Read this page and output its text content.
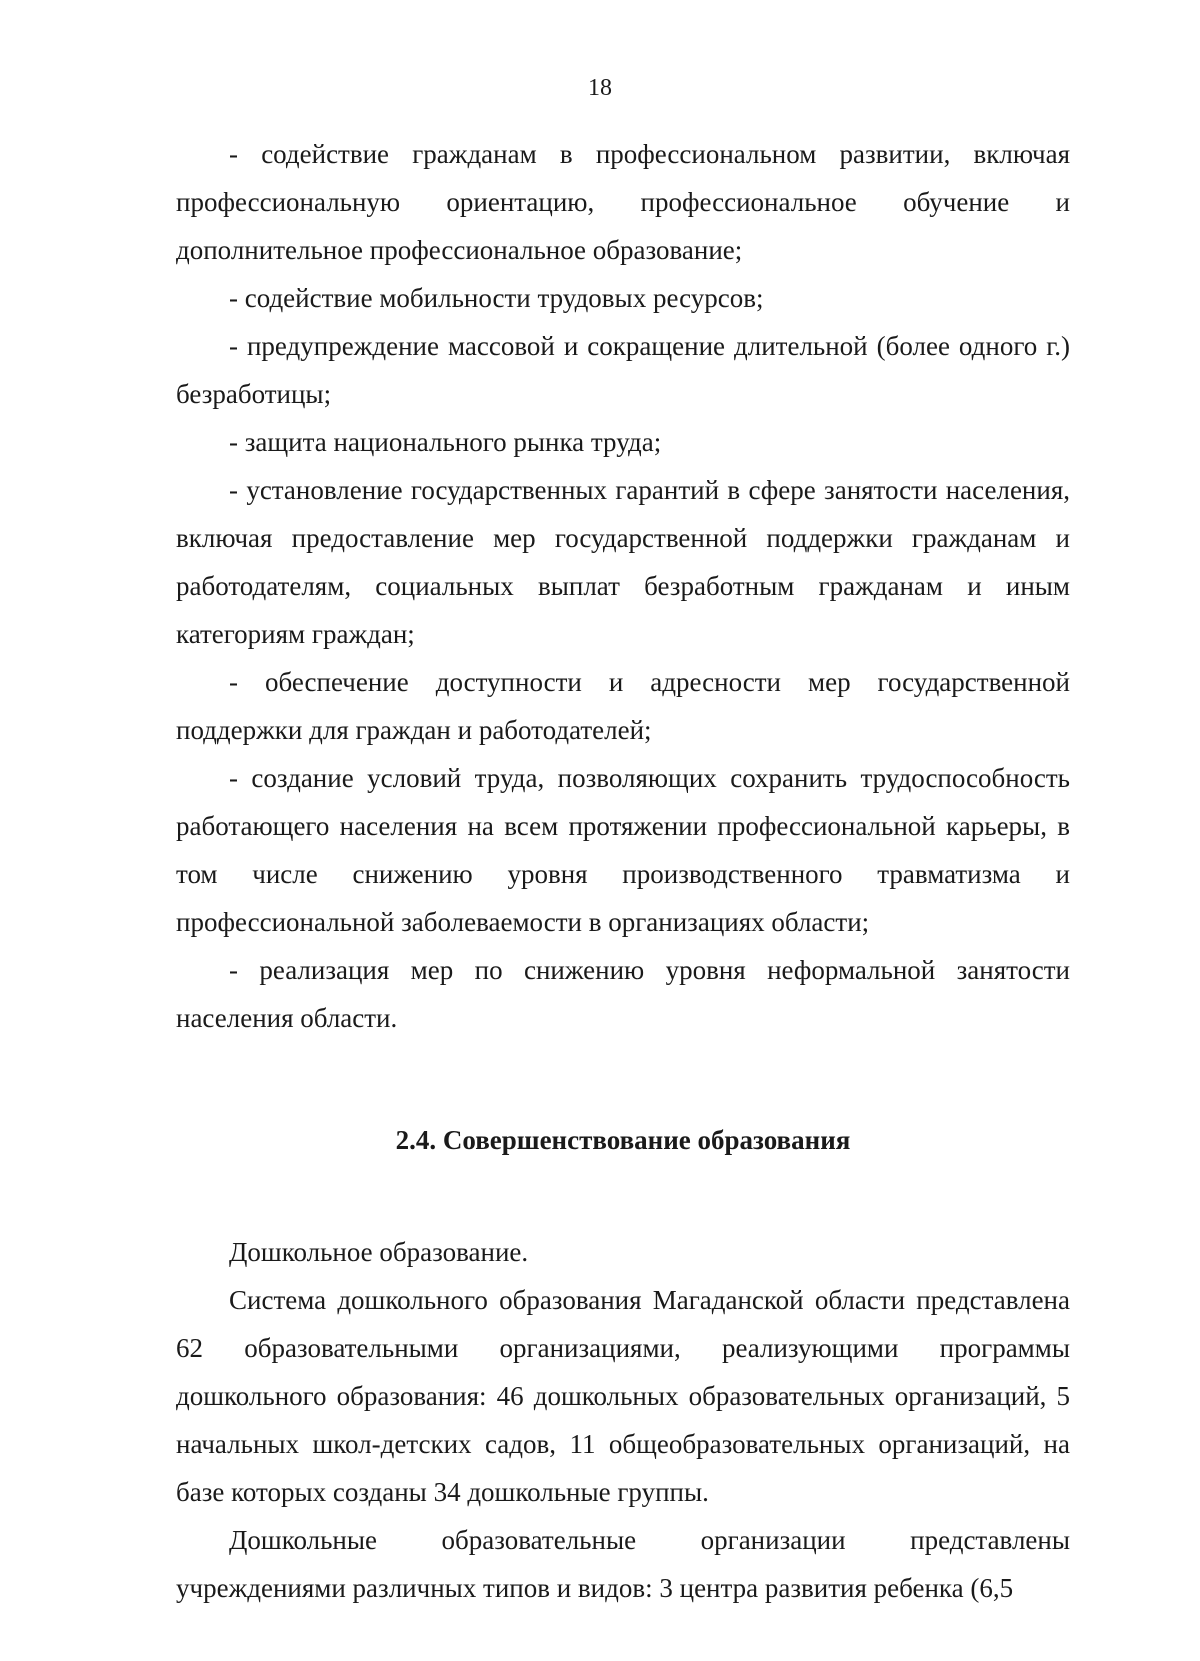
18

- содействие гражданам в профессиональном развитии, включая профессиональную ориентацию, профессиональное обучение и дополнительное профессиональное образование;

- содействие мобильности трудовых ресурсов;

- предупреждение массовой и сокращение длительной (более одного г.) безработицы;

- защита национального рынка труда;

- установление государственных гарантий в сфере занятости населения, включая предоставление мер государственной поддержки гражданам и работодателям, социальных выплат безработным гражданам и иным категориям граждан;

- обеспечение доступности и адресности мер государственной поддержки для граждан и работодателей;

- создание условий труда, позволяющих сохранить трудоспособность работающего населения на всем протяжении профессиональной карьеры, в том числе снижению уровня производственного травматизма и профессиональной заболеваемости в организациях области;

- реализация мер по снижению уровня неформальной занятости населения области.

2.4. Совершенствование образования

Дошкольное образование.

Система дошкольного образования Магаданской области представлена 62 образовательными организациями, реализующими программы дошкольного образования: 46 дошкольных образовательных организаций, 5 начальных школ-детских садов, 11 общеобразовательных организаций, на базе которых созданы 34 дошкольные группы.

Дошкольные образовательные организации представлены учреждениями различных типов и видов: 3 центра развития ребенка (6,5
